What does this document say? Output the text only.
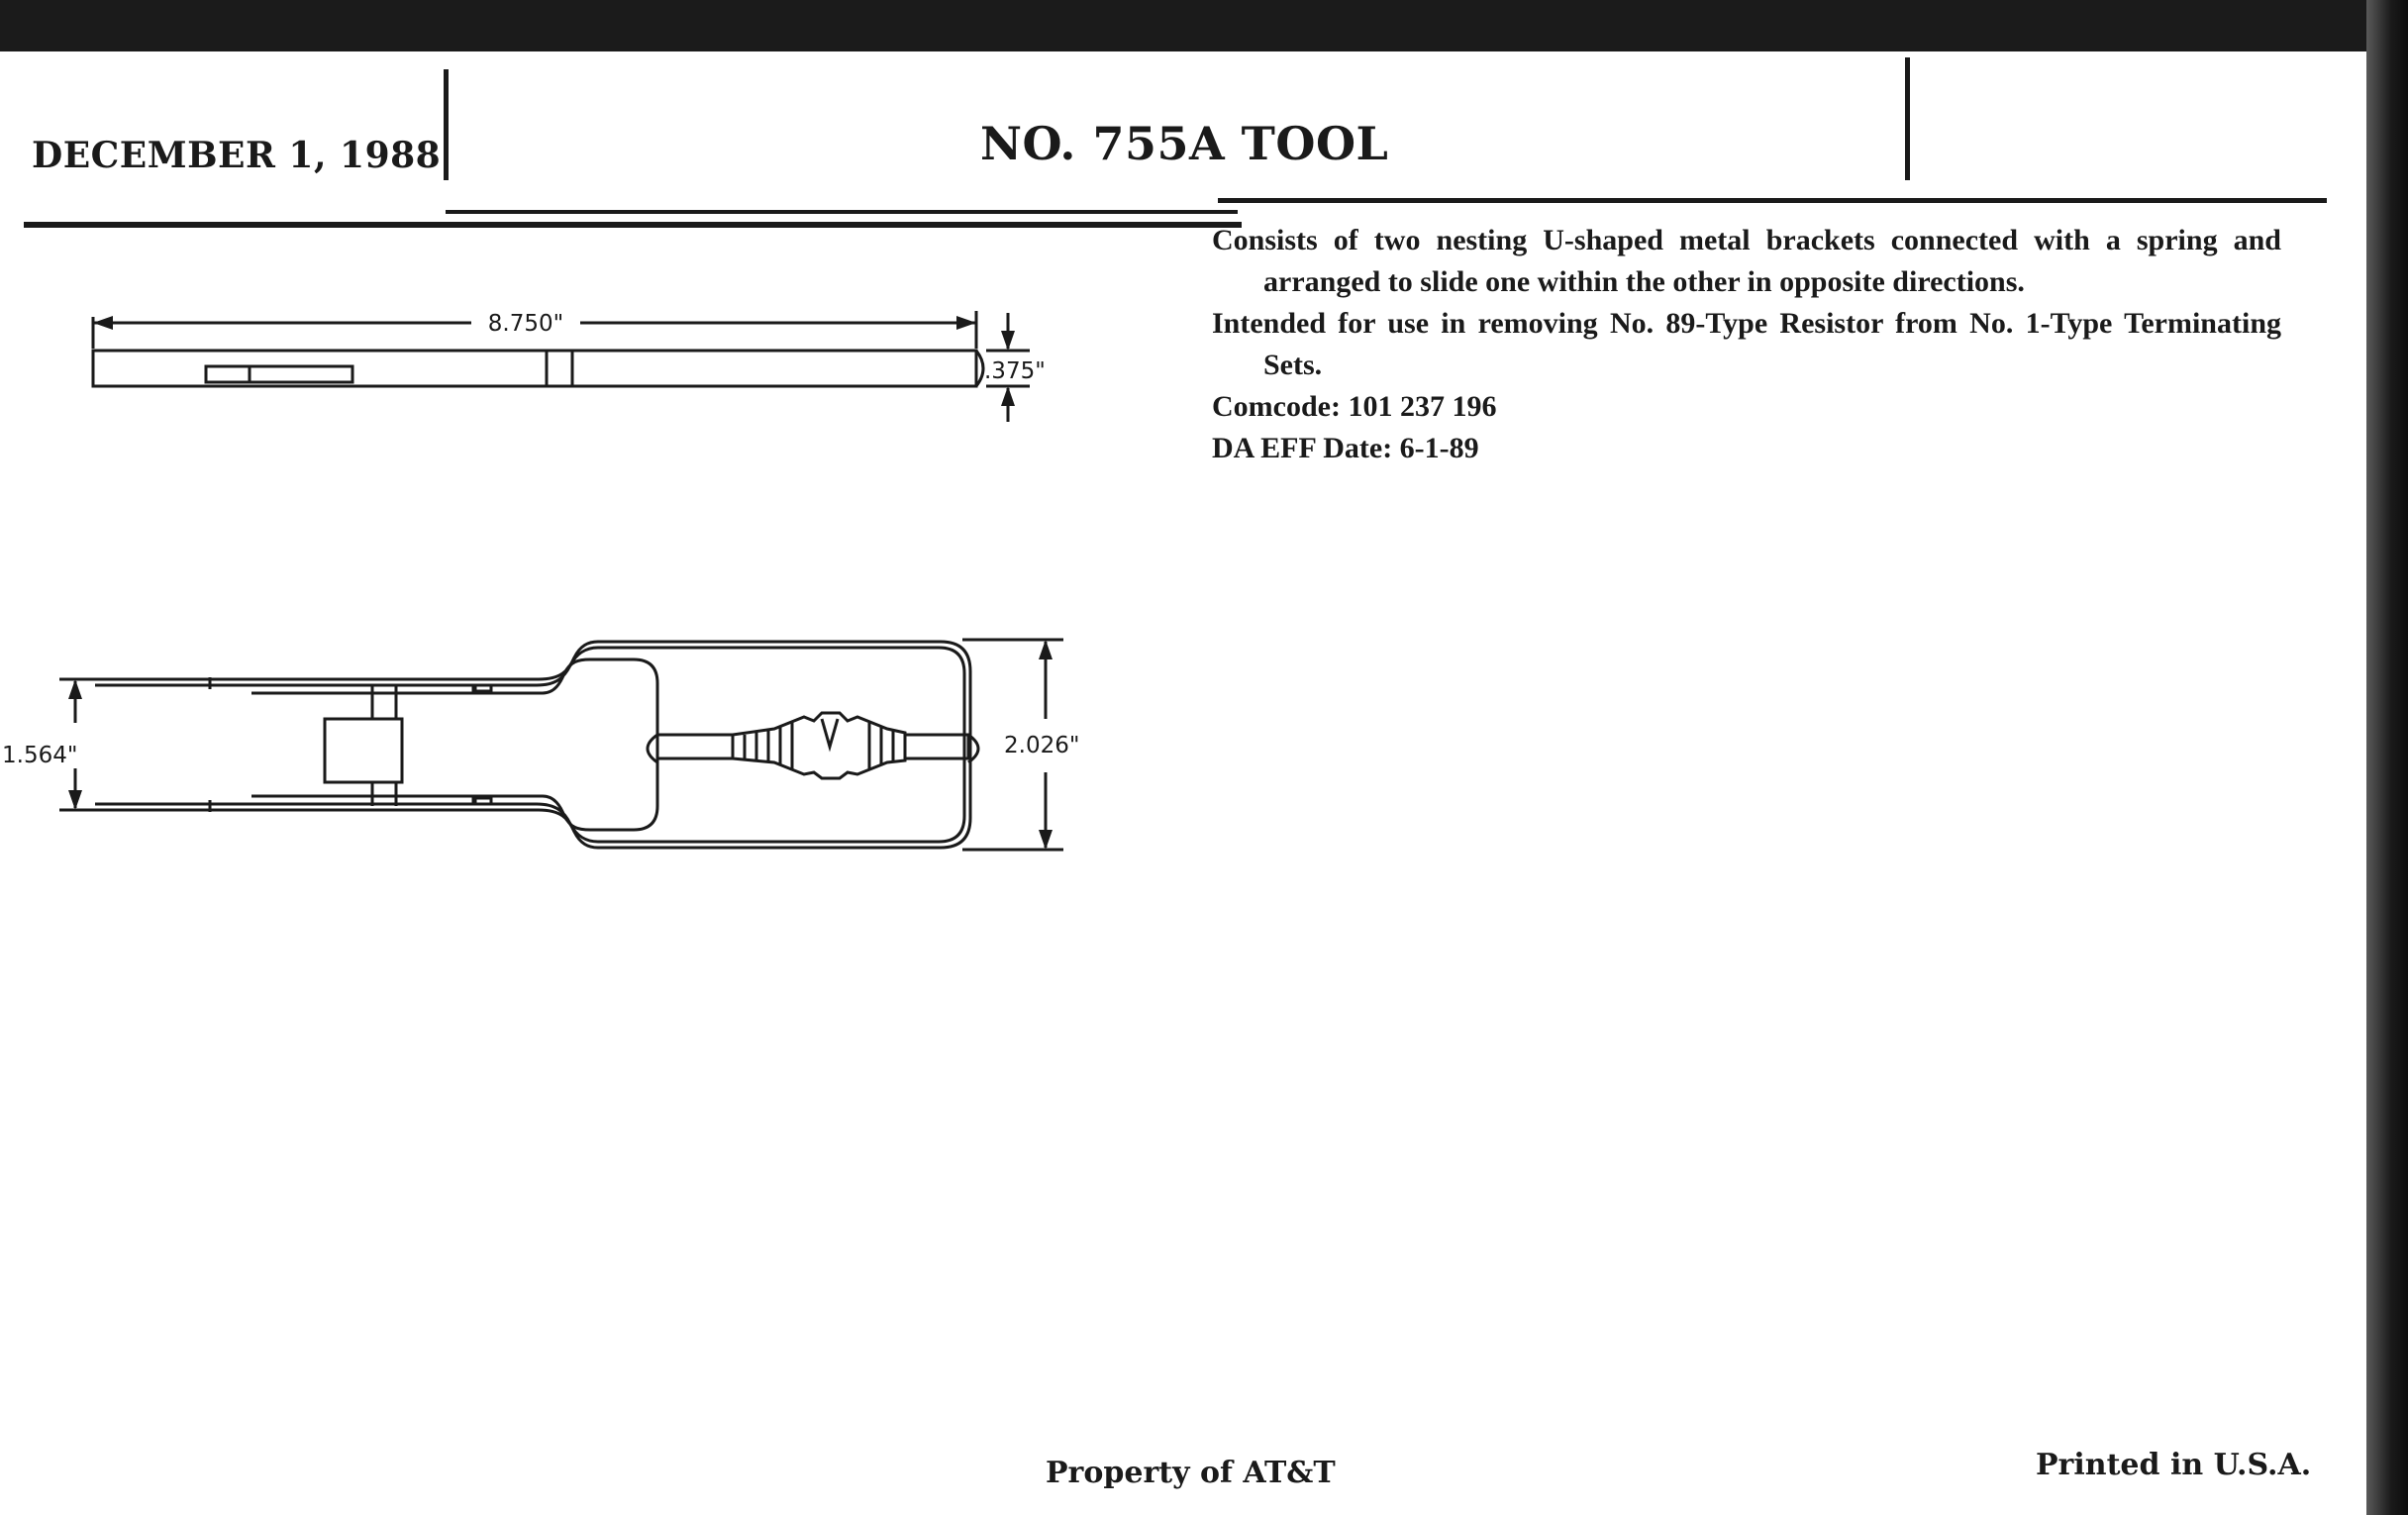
DECEMBER 1, 1988	NO. 755A TOOL

Consists of two nesting U-shaped metal brackets connected with a spring and arranged to slide one within the other in opposite directions.

Intended for use in removing No. 89-Type Resistor from No. 1-Type Terminating Sets.

Comcode: 101 237 196

DA EFF Date: 6-1-89

8.750"
.375"
1.564"	2.026"
Property of AT&T	Printed in U.S.A.
